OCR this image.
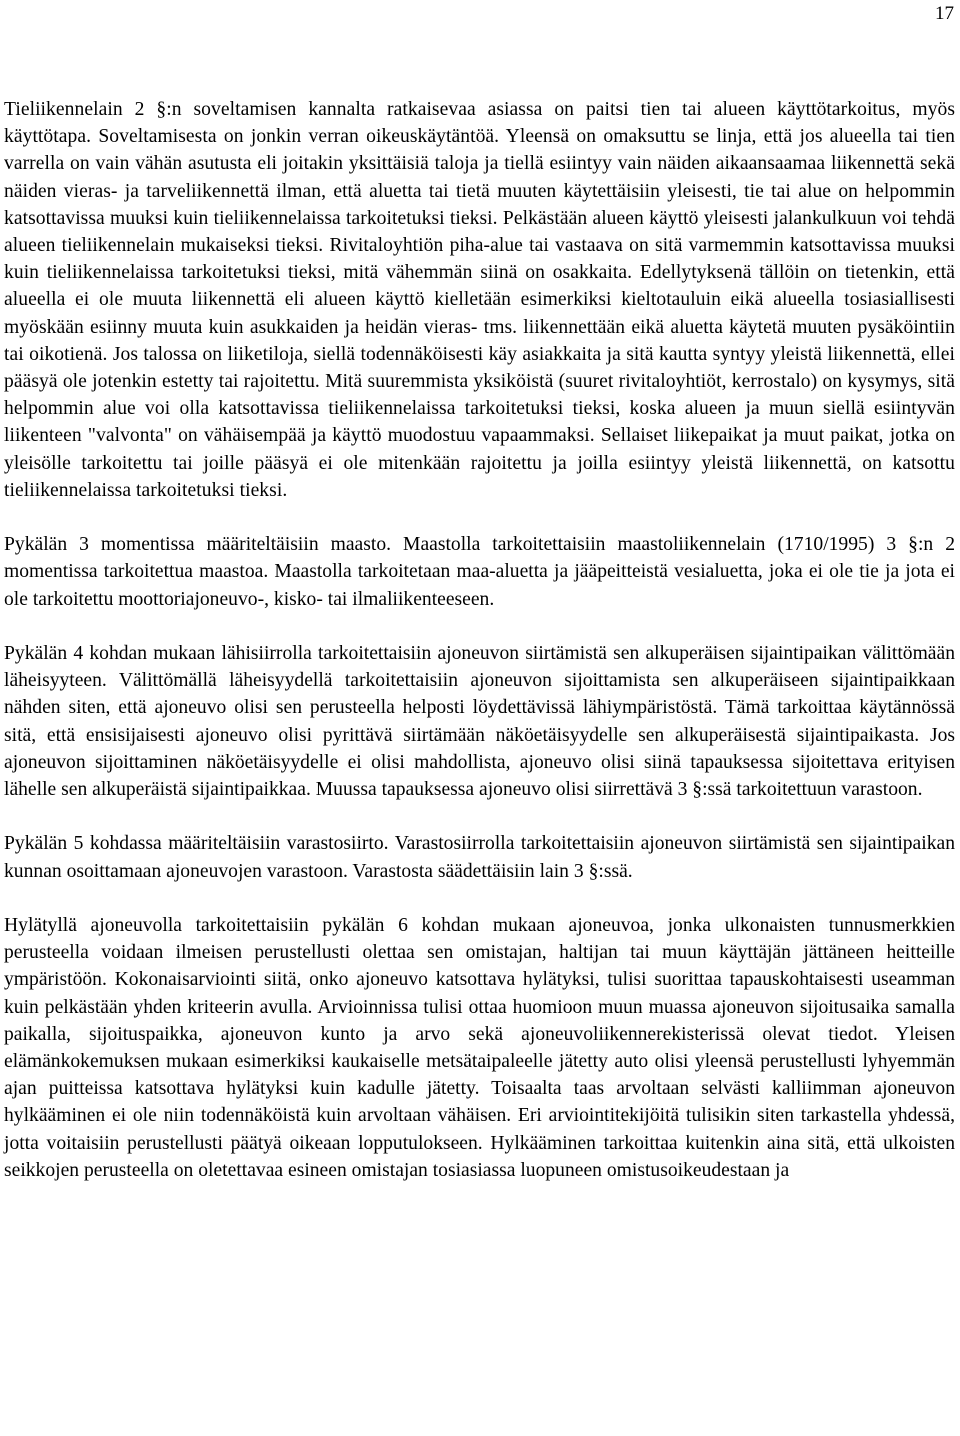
17

Tieliikennelain 2 §:n soveltamisen kannalta ratkaisevaa asiassa on paitsi tien tai alueen käyttötarkoitus, myös käyttötapa. Soveltamisesta on jonkin verran oikeuskäytäntöä. Yleensä on omaksuttu se linja, että jos alueella tai tien varrella on vain vähän asutusta eli joitakin yksittäisiä taloja ja tiellä esiintyy vain näiden aikaansaamaa liikennettä sekä näiden vieras- ja tarveliikennettä ilman, että aluetta tai tietä muuten käytettäisiin yleisesti, tie tai alue on helpommin katsottavissa muuksi kuin tieliikennelaissa tarkoitetuksi tieksi. Pelkästään alueen käyttö yleisesti jalankulkuun voi tehdä alueen tieliikennelain mukaiseksi tieksi. Rivitaloyhtiön piha-alue tai vastaava on sitä varmemmin katsottavissa muuksi kuin tieliikennelaissa tarkoitetuksi tieksi, mitä vähemmän siinä on osakkaita. Edellytyksenä tällöin on tietenkin, että alueella ei ole muuta liikennettä eli alueen käyttö kielletään esimerkiksi kieltotauluin eikä alueella tosiasiallisesti myöskään esiinny muuta kuin asukkaiden ja heidän vieras- tms. liikennettään eikä aluetta käytetä muuten pysäköintiin tai oikotienä. Jos talossa on liiketiloja, siellä todennäköisesti käy asiakkaita ja sitä kautta syntyy yleistä liikennettä, ellei pääsyä ole jotenkin estetty tai rajoitettu. Mitä suuremmista yksiköistä (suuret rivitaloyhtiöt, kerrostalo) on kysymys, sitä helpommin alue voi olla katsottavissa tieliikennelaissa tarkoitetuksi tieksi, koska alueen ja muun siellä esiintyvän liikenteen "valvonta" on vähäisempää ja käyttö muodostuu vapaammaksi. Sellaiset liikepaikat ja muut paikat, jotka on yleisölle tarkoitettu tai joille pääsyä ei ole mitenkään rajoitettu ja joilla esiintyy yleistä liikennettä, on katsottu tieliikennelaissa tarkoitetuksi tieksi.

Pykälän 3 momentissa määriteltäisiin maasto. Maastolla tarkoitettaisiin maastoliikennelain (1710/1995) 3 §:n 2 momentissa tarkoitettua maastoa. Maastolla tarkoitetaan maa-aluetta ja jääpeitteistä vesialuetta, joka ei ole tie ja jota ei ole tarkoitettu moottoriajoneuvo-, kisko- tai ilmaliikenteeseen.

Pykälän 4 kohdan mukaan lähisiirrolla tarkoitettaisiin ajoneuvon siirtämistä sen alkuperäisen sijaintipaikan välittömään läheisyyteen. Välittömällä läheisyydellä tarkoitettaisiin ajoneuvon sijoittamista sen alkuperäiseen sijaintipaikkaan nähden siten, että ajoneuvo olisi sen perusteella helposti löydettävissä lähiympäristöstä. Tämä tarkoittaa käytännössä sitä, että ensisijaisesti ajoneuvo olisi pyrittävä siirtämään näköetäisyydelle sen alkuperäisestä sijaintipaikasta. Jos ajoneuvon sijoittaminen näköetäisyydelle ei olisi mahdollista, ajoneuvo olisi siinä tapauksessa sijoitettava erityisen lähelle sen alkuperäistä sijaintipaikkaa. Muussa tapauksessa ajoneuvo olisi siirrettävä 3 §:ssä tarkoitettuun varastoon.

Pykälän 5 kohdassa määriteltäisiin varastosiirto. Varastosiirrolla tarkoitettaisiin ajoneuvon siirtämistä sen sijaintipaikan kunnan osoittamaan ajoneuvojen varastoon. Varastosta säädettäisiin lain 3 §:ssä.

Hylätyllä ajoneuvolla tarkoitettaisiin pykälän 6 kohdan mukaan ajoneuvoa, jonka ulkonaisten tunnusmerkkien perusteella voidaan ilmeisen perustellusti olettaa sen omistajan, haltijan tai muun käyttäjän jättäneen heitteille ympäristöön. Kokonaisarviointi siitä, onko ajoneuvo katsottava hylätyksi, tulisi suorittaa tapauskohtaisesti useamman kuin pelkästään yhden kriteerin avulla. Arvioinnissa tulisi ottaa huomioon muun muassa ajoneuvon sijoitusaika samalla paikalla, sijoituspaikka, ajoneuvon kunto ja arvo sekä ajoneuvoliikennerekisterissä olevat tiedot. Yleisen elämänkokemuksen mukaan esimerkiksi kaukaiselle metsätaipaleelle jätetty auto olisi yleensä perustellusti lyhyemmän ajan puitteissa katsottava hylätyksi kuin kadulle jätetty. Toisaalta taas arvoltaan selvästi kalliimman ajoneuvon hylkääminen ei ole niin todennäköistä kuin arvoltaan vähäisen. Eri arviointitekijöitä tulisikin siten tarkastella yhdessä, jotta voitaisiin perustellusti päätyä oikeaan lopputulokseen. Hylkääminen tarkoittaa kuitenkin aina sitä, että ulkoisten seikkojen perusteella on oletettavaa esineen omistajan tosiasiassa luopuneen omistusoikeudestaan ja
